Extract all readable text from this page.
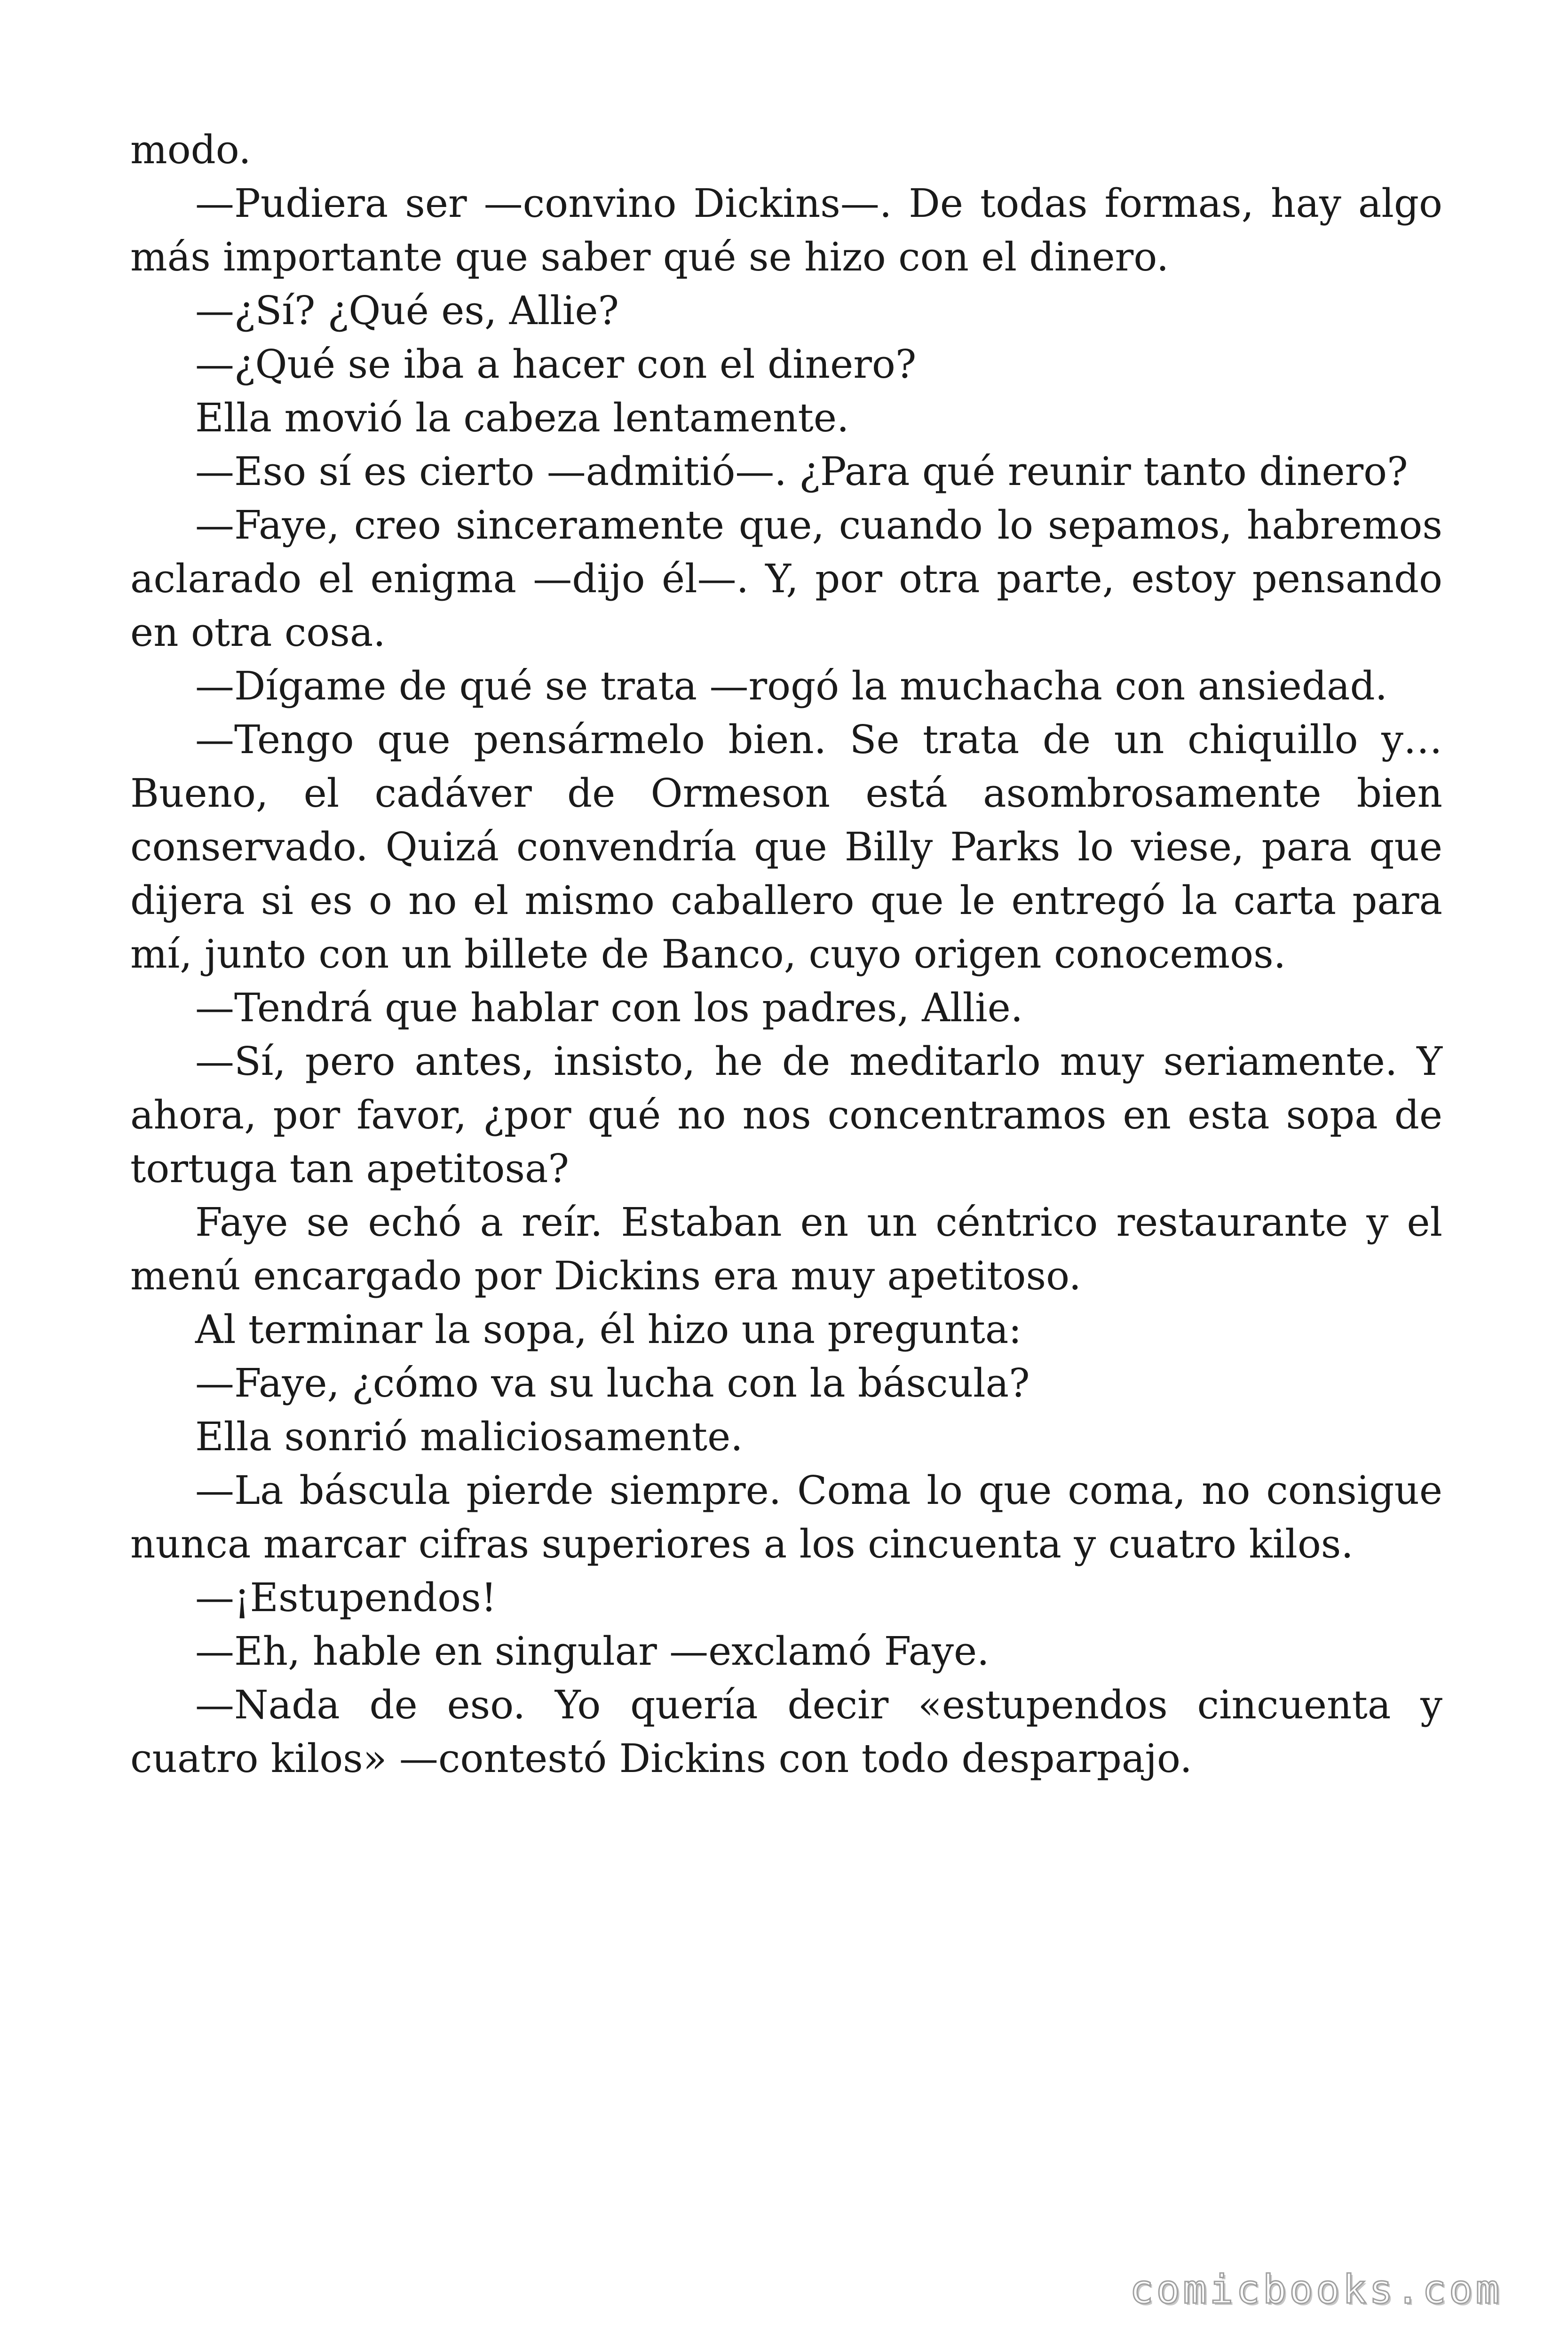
modo.

—Pudiera ser —convino Dickins—. De todas formas, hay algo más importante que saber qué se hizo con el dinero.

—¿Sí? ¿Qué es, Allie?

—¿Qué se iba a hacer con el dinero?

Ella movió la cabeza lentamente.

—Eso sí es cierto —admitió—. ¿Para qué reunir tanto dinero?

—Faye, creo sinceramente que, cuando lo sepamos, habremos aclarado el enigma —dijo él—. Y, por otra parte, estoy pensando en otra cosa.

—Dígame de qué se trata —rogó la muchacha con ansiedad.

—Tengo que pensármelo bien. Se trata de un chiquillo y… Bueno, el cadáver de Ormeson está asombrosamente bien conservado. Quizá convendría que Billy Parks lo viese, para que dijera si es o no el mismo caballero que le entregó la carta para mí, junto con un billete de Banco, cuyo origen conocemos.

—Tendrá que hablar con los padres, Allie.

—Sí, pero antes, insisto, he de meditarlo muy seriamente. Y ahora, por favor, ¿por qué no nos concentramos en esta sopa de tortuga tan apetitosa?

Faye se echó a reír. Estaban en un céntrico restaurante y el menú encargado por Dickins era muy apetitoso.

Al terminar la sopa, él hizo una pregunta:

—Faye, ¿cómo va su lucha con la báscula?

Ella sonrió maliciosamente.

—La báscula pierde siempre. Coma lo que coma, no consigue nunca marcar cifras superiores a los cincuenta y cuatro kilos.

—¡Estupendos!

—Eh, hable en singular —exclamó Faye.

—Nada de eso. Yo quería decir «estupendos cincuenta y cuatro kilos» —contestó Dickins con todo desparpajo.

comicbooks.com
